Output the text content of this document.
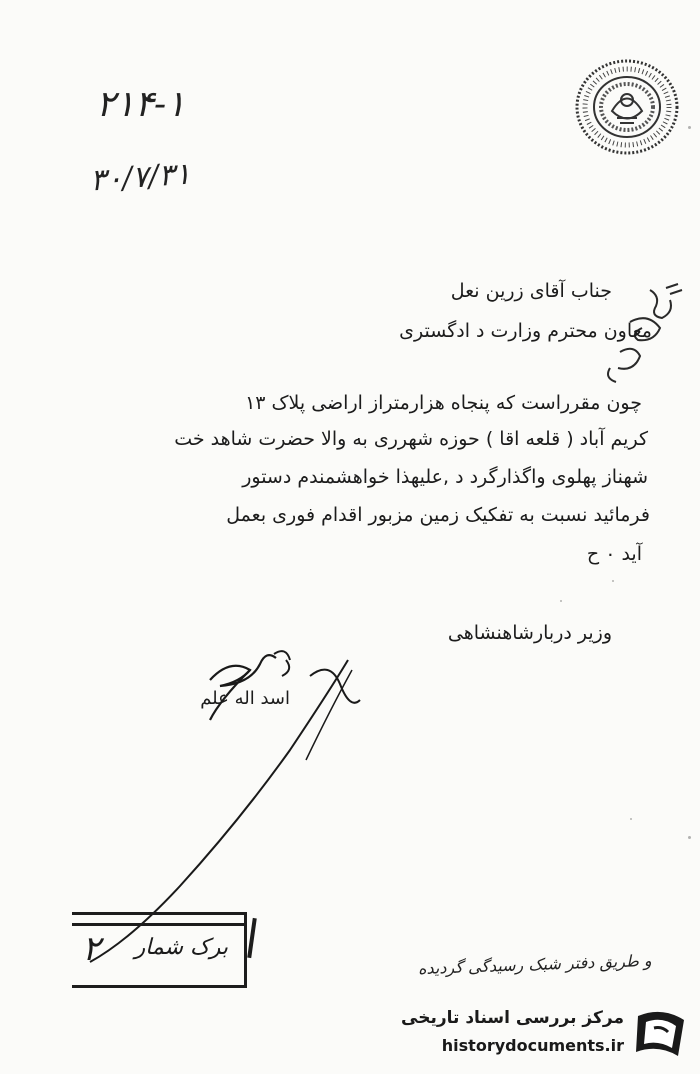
۲۱۴-۱
۳۰/۷/۳۱
جناب آقای زرین نعل
معاون محترم وزارت د ادگستری
چون مقرراست که پنجاه هزارمتراز اراضی پلاک ۱۳
کریم آباد ( قلعه اقا ) حوزه شهرری به والا حضرت شاهد خت
شهناز پهلوی واگذارگرد د ,علیهذا خواهشمندم دستور
فرمائید نسبت به تفکیک زمین مزبور اقدام فوری بعمل
آید ۰ ح
وزیر دربارشاهنشاهی
اسد اله علم
برک شمار
۲	و طریق دفتر شبک رسیدگی گردیده
مرکز بررسی اسناد تاریخی
historydocuments.ir
